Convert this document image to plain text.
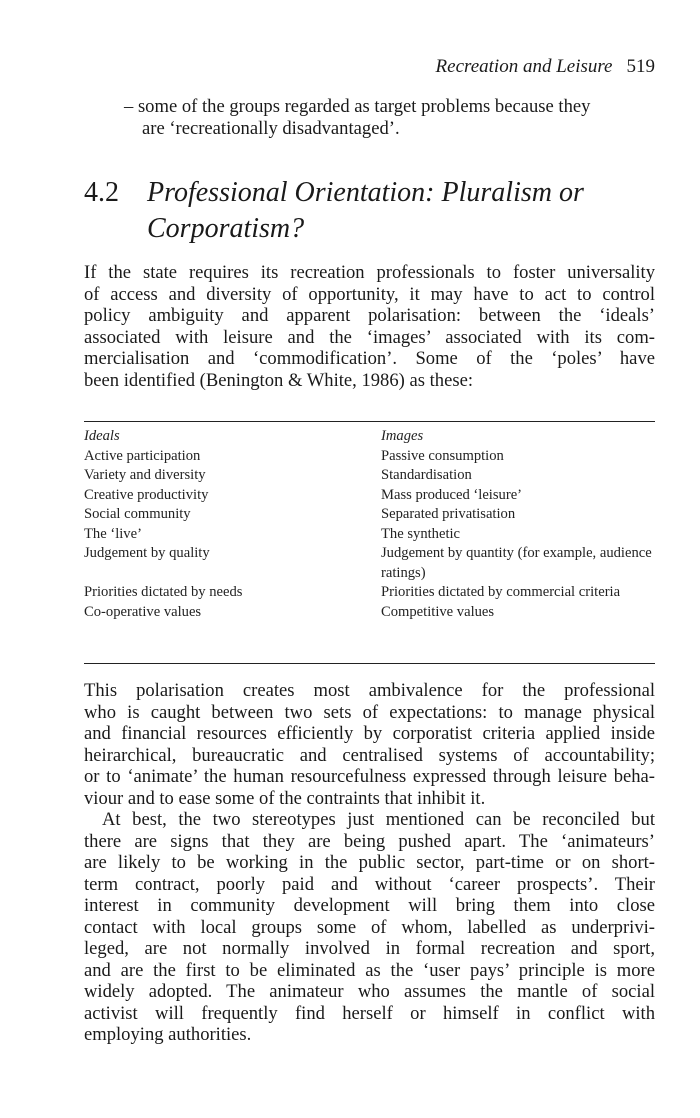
Recreation and Leisure 519
– some of the groups regarded as target problems because they
are ‘recreationally disadvantaged’.
4.2 Professional Orientation: Pluralism or
Corporatism?
If the state requires its recreation professionals to foster universality
of access and diversity of opportunity, it may have to act to control
policy ambiguity and apparent polarisation: between the ‘ideals’
associated with leisure and the ‘images’ associated with its com-
mercialisation and ‘commodification’. Some of the ‘poles’ have
been identified (Benington & White, 1986) as these:
Ideals	Images
Active participation	Passive consumption
Variety and diversity	Standardisation
Creative productivity	Mass produced ‘leisure’
Social community	Separated privatisation
The ‘live’	The synthetic
Judgement by quality	Judgement by quantity (for example, audience ratings)
Priorities dictated by needs	Priorities dictated by commercial criteria
Co-operative values	Competitive values
This polarisation creates most ambivalence for the professional
who is caught between two sets of expectations: to manage physical
and financial resources efficiently by corporatist criteria applied inside
heirarchical, bureaucratic and centralised systems of accountability;
or to ‘animate’ the human resourcefulness expressed through leisure beha-
viour and to ease some of the contraints that inhibit it.
At best, the two stereotypes just mentioned can be reconciled but
there are signs that they are being pushed apart. The ‘animateurs’
are likely to be working in the public sector, part-time or on short-
term contract, poorly paid and without ‘career prospects’. Their
interest in community development will bring them into close
contact with local groups some of whom, labelled as underprivi-
leged, are not normally involved in formal recreation and sport,
and are the first to be eliminated as the ‘user pays’ principle is more
widely adopted. The animateur who assumes the mantle of social
activist will frequently find herself or himself in conflict with
employing authorities.
